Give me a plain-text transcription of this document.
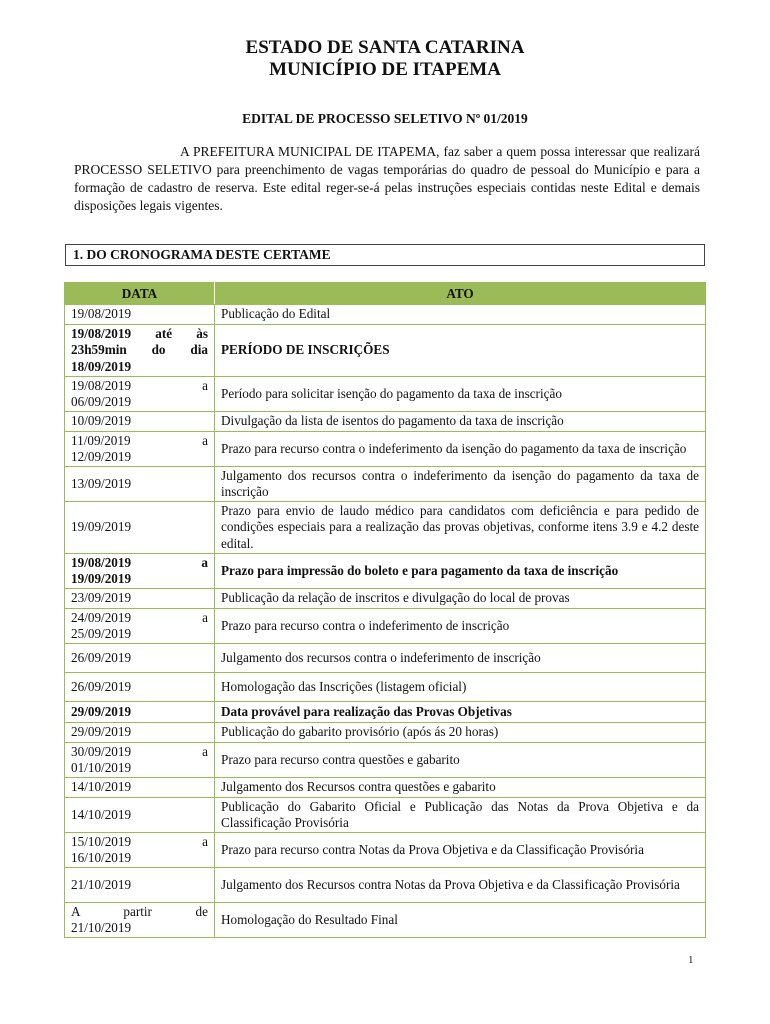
ESTADO DE SANTA CATARINA
MUNICÍPIO DE ITAPEMA
EDITAL DE PROCESSO SELETIVO Nº 01/2019

A PREFEITURA MUNICIPAL DE ITAPEMA, faz saber a quem possa interessar que realizará PROCESSO SELETIVO para preenchimento de vagas temporárias do quadro de pessoal do Município e para a formação de cadastro de reserva. Este edital reger-se-á pelas instruções especiais contidas neste Edital e demais disposições legais vigentes.

1. DO CRONOGRAMA DESTE CERTAME
DATA	ATO

19/08/2019	Publicação do Edital

19/08/2019 até às
23h59min do dia
18/09/2019	PERÍODO DE INSCRIÇÕES

19/08/2019 a
06/09/2019	Período para solicitar isenção do pagamento da taxa de inscrição

10/09/2019	Divulgação da lista de isentos do pagamento da taxa de inscrição

11/09/2019 a
12/09/2019	Prazo para recurso contra o indeferimento da isenção do pagamento da taxa de inscrição

13/09/2019	Julgamento dos recursos contra o indeferimento da isenção do pagamento da taxa de inscrição

19/09/2019	Prazo para envio de laudo médico para candidatos com deficiência e para pedido de condições especiais para a realização das provas objetivas, conforme itens 3.9 e 4.2 deste edital.

19/08/2019 a
19/09/2019	Prazo para impressão do boleto e para pagamento da taxa de inscrição

23/09/2019	Publicação da relação de inscritos e divulgação do local de provas

24/09/2019 a
25/09/2019	Prazo para recurso contra o indeferimento de inscrição

26/09/2019	Julgamento dos recursos contra o indeferimento de inscrição

26/09/2019	Homologação das Inscrições (listagem oficial)

29/09/2019	Data provável para realização das Provas Objetivas

29/09/2019	Publicação do gabarito provisório (após ás 20 horas)

30/09/2019 a
01/10/2019	Prazo para recurso contra questões e gabarito

14/10/2019	Julgamento dos Recursos contra questões e gabarito

14/10/2019	Publicação do Gabarito Oficial e Publicação das Notas da Prova Objetiva e da Classificação Provisória

15/10/2019 a
16/10/2019	Prazo para recurso contra Notas da Prova Objetiva e da Classificação Provisória

21/10/2019	Julgamento dos Recursos contra Notas da Prova Objetiva e da Classificação Provisória

A partir de
21/10/2019	Homologação do Resultado Final
1
